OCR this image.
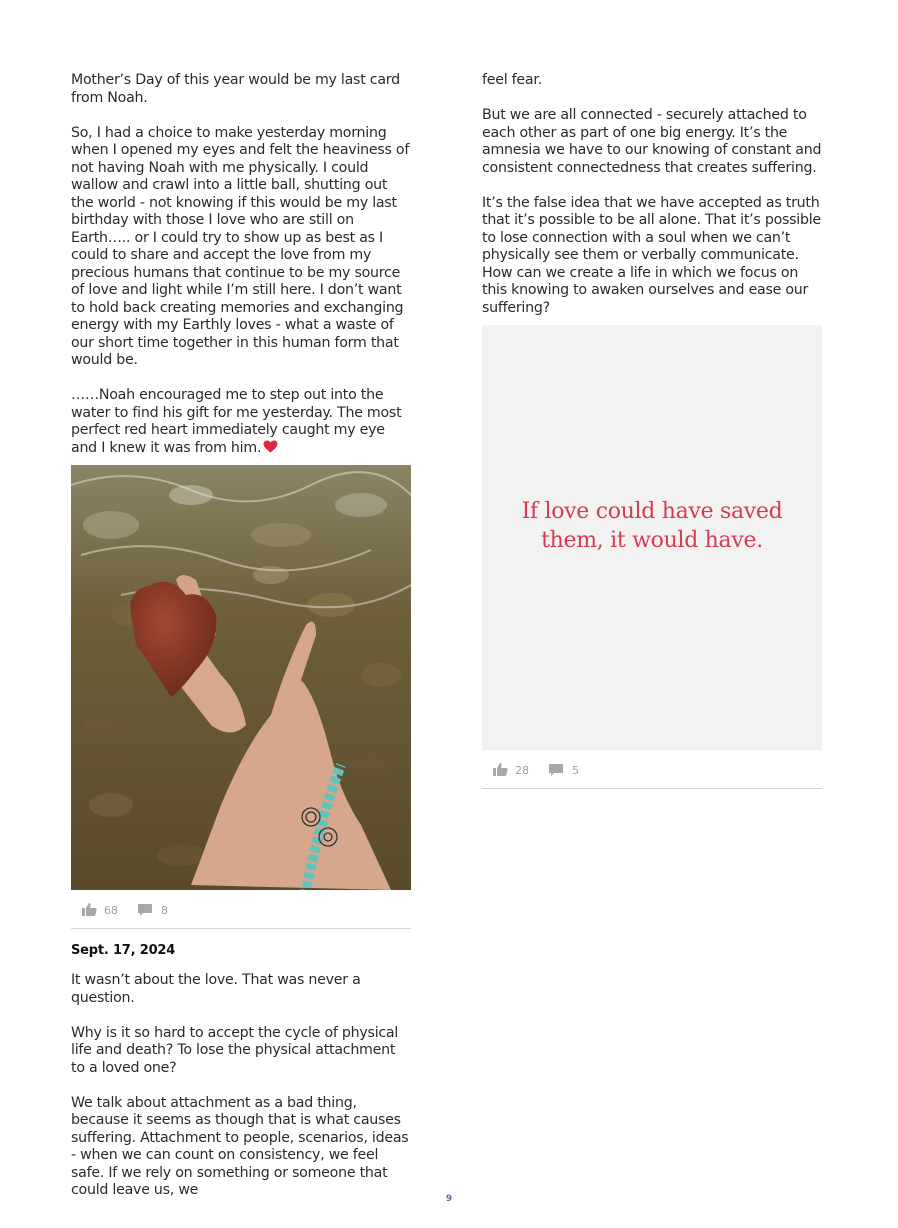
Mother’s Day of this year would be my last card from Noah.

So, I had a choice to make yesterday morning when I opened my eyes and felt the heaviness of not having Noah with me physically. I could wallow and crawl into a little ball, shutting out the world - not knowing if this would be my last birthday with those I love who are still on Earth….. or I could try to show up as best as I could to share and accept the love from my precious humans that continue to be my source of love and light while I’m still here. I don’t want to hold back creating memories and exchanging energy with my Earthly loves - what a waste of our short time together in this human form that would be.

……Noah encouraged me to step out into the water to find his gift for me yesterday. The most perfect red heart immediately caught my eye and I knew it was from him.

68	8
Sept. 17, 2024

It wasn’t about the love. That was never a question.

Why is it so hard to accept the cycle of physical life and death? To lose the physical attachment to a loved one?

We talk about attachment as a bad thing, because it seems as though that is what causes suffering. Attachment to people, scenarios, ideas - when we can count on consistency, we feel safe. If we rely on something or someone that could leave us, we

feel fear.

But we are all connected - securely attached to each other as part of one big energy. It’s the amnesia we have to our knowing of constant and consistent connectedness that creates suffering.

It’s the false idea that we have accepted as truth that it’s possible to be all alone. That it’s possible to lose connection with a soul when we can’t physically see them or verbally communicate. How can we create a life in which we focus on this knowing to awaken ourselves and ease our suffering?

If love could have saved
them, it would have.
28	5
9
